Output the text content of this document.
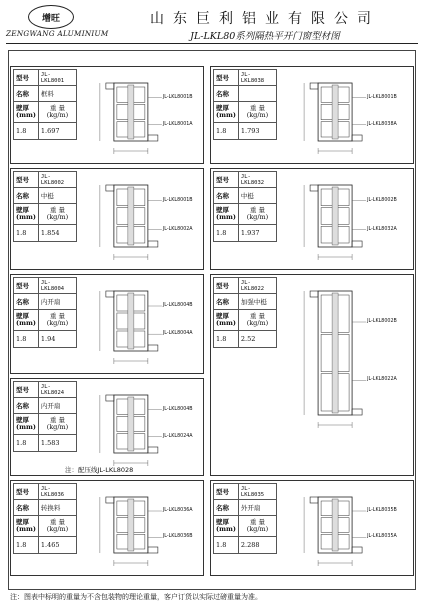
增旺
ZENGWANG ALUMINIUM
山东巨利铝业有限公司
JL-LKL80系列隔热平开门窗型材图
型号	JL-LKL8001
名称	框料
壁厚
(mm)	重 量
(kg/m)
1.8	1.697
JL-LKL8001B
JL-LKL8001A
型号	JL-LKL8002
名称	中梃
壁厚
(mm)	重 量
(kg/m)
1.8	1.854
JL-LKL8001B
JL-LKL8002A
型号	JL-LKL8004
名称	内开扇
壁厚
(mm)	重 量
(kg/m)
1.8	1.94
JL-LKL8004B
JL-LKL8004A
型号	JL-LKL8024
名称	内开扇
壁厚
(mm)	重 量
(kg/m)
1.8	1.583
JL-LKL8004B
JL-LKL8024A
注：配压线JL-LKL8028
型号	JL-LKL8036
名称	转换料
壁厚
(mm)	重 量
(kg/m)
1.8	1.465
JL-LKL8036A
JL-LKL8036B
型号	JL-LKL8038
名称	
壁厚
(mm)	重 量
(kg/m)
1.8	1.793
JL-LKL8001B
JL-LKL8038A
型号	JL-LKL8032
名称	中梃
壁厚
(mm)	重 量
(kg/m)
1.8	1.937
JL-LKL8002B
JL-LKL8032A
型号	JL-LKL8022
名称	加强中梃
壁厚
(mm)	重 量
(kg/m)
1.8	2.52
JL-LKL8002B
JL-LKL8022A
型号	JL-LKL8035
名称	外开扇
壁厚
(mm)	重 量
(kg/m)
1.8	2.288
JL-LKL8035B
JL-LKL8035A
注：图表中标明的重量为不含包装物的理论重量，客户订货以实际过磅重量为准。
